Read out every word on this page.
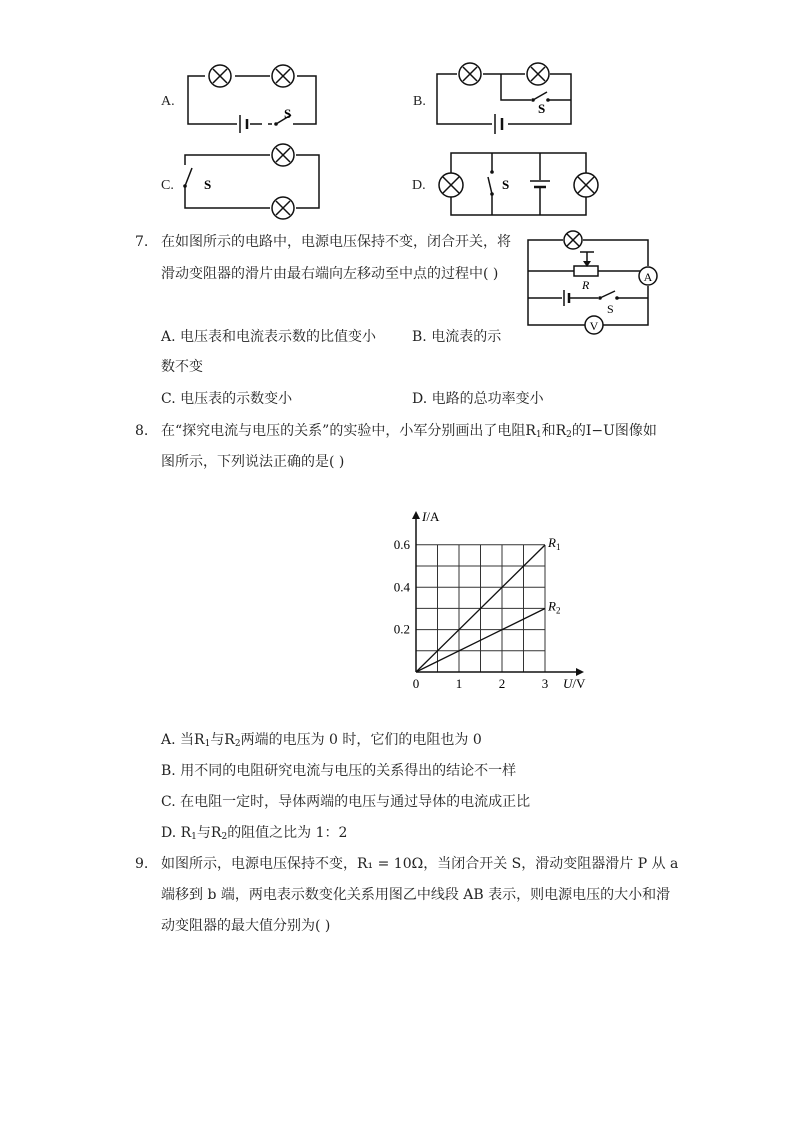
A.
S
B.	S
C. S	D.	S
7. 在如图所示的电路中，电源电压保持不变，闭合开关，将
滑动变阻器的滑片由最右端向左移动至中点的过程中( )	A
V
R
S
A. 电压表和电流表示数的比值变小	B. 电流表的示
数不变
C. 电压表的示数变小	D. 电路的总功率变小
8. 在“探究电流与电压的关系”的实验中，小军分别画出了电阻$R_1$和$R_2$的I−U图像如
图所示，下列说法正确的是( )
0	1	2	3
0.2
0.4
0.6
I/A
U/V
$R_1$
$R_2$
A. 当$R_1$与$R_2$两端的电压为 0 时，它们的电阻也为 0
B. 用不同的电阻研究电流与电压的关系得出的结论不一样
C. 在电阻一定时，导体两端的电压与通过导体的电流成正比
D. $R_1$与$R_2$的阻值之比为 1：2
9. 如图所示，电源电压保持不变，R₁ = 10Ω，当闭合开关 S，滑动变阻器滑片 P 从 a
端移到 b 端，两电表示数变化关系用图乙中线段 AB 表示，则电源电压的大小和滑
动变阻器的最大值分别为( )
